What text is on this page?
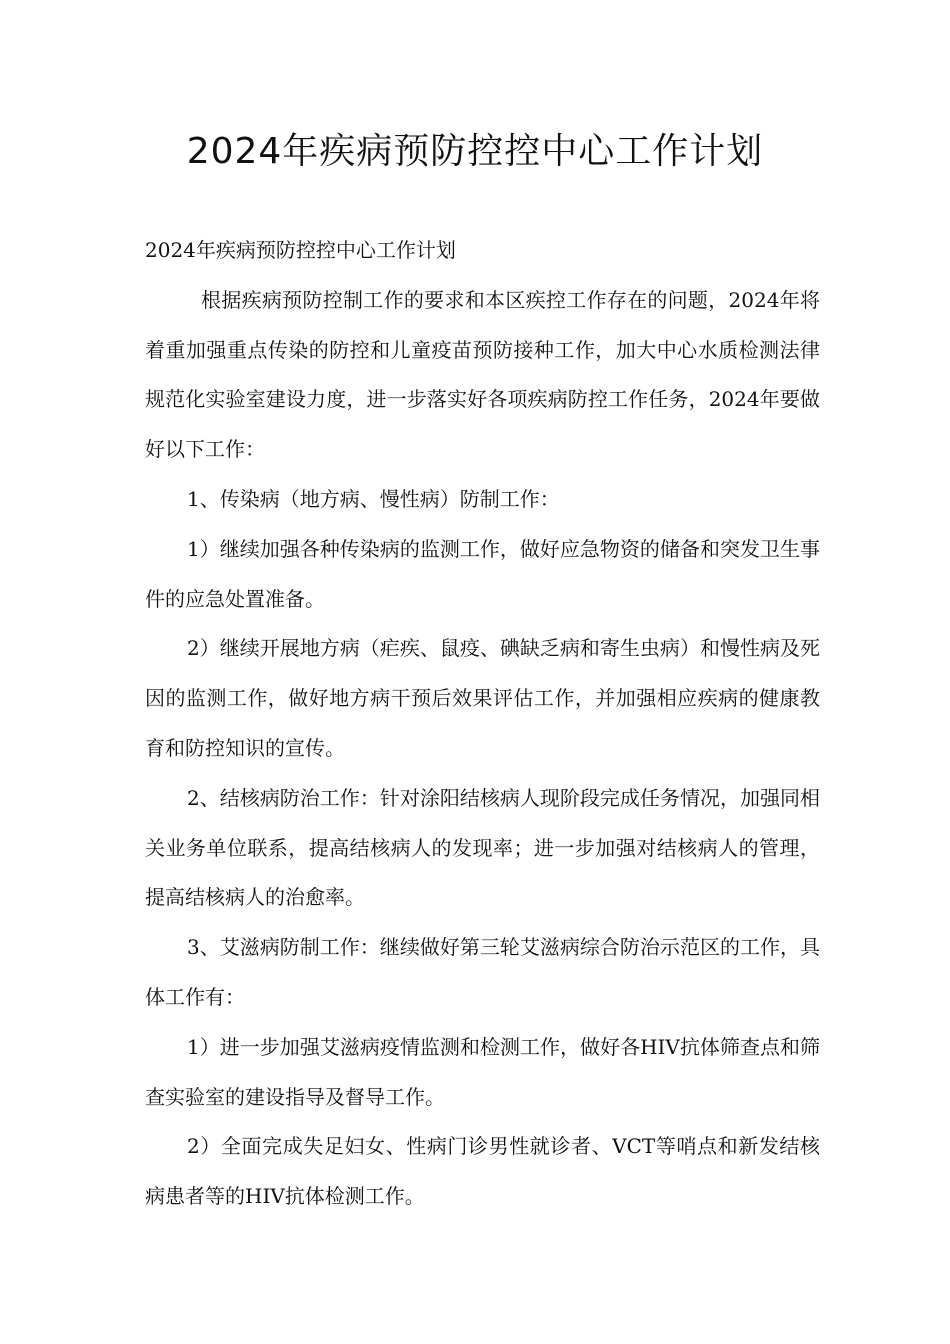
2024年疾病预防控控中心工作计划

2024年疾病预防控控中心工作计划

根据疾病预防控制工作的要求和本区疾控工作存在的问题，2024年将着重加强重点传染的防控和儿童疫苗预防接种工作，加大中心水质检测法律规范化实验室建设力度，进一步落实好各项疾病防控工作任务，2024年要做好以下工作：

1、传染病（地方病、慢性病）防制工作：

1）继续加强各种传染病的监测工作，做好应急物资的储备和突发卫生事件的应急处置准备。

2）继续开展地方病（疟疾、鼠疫、碘缺乏病和寄生虫病）和慢性病及死因的监测工作，做好地方病干预后效果评估工作，并加强相应疾病的健康教育和防控知识的宣传。

2、结核病防治工作：针对涂阳结核病人现阶段完成任务情况，加强同相关业务单位联系，提高结核病人的发现率；进一步加强对结核病人的管理，提高结核病人的治愈率。

3、艾滋病防制工作：继续做好第三轮艾滋病综合防治示范区的工作，具体工作有：

1）进一步加强艾滋病疫情监测和检测工作，做好各HIV抗体筛查点和筛查实验室的建设指导及督导工作。

2）全面完成失足妇女、性病门诊男性就诊者、VCT等哨点和新发结核病患者等的HIV抗体检测工作。
